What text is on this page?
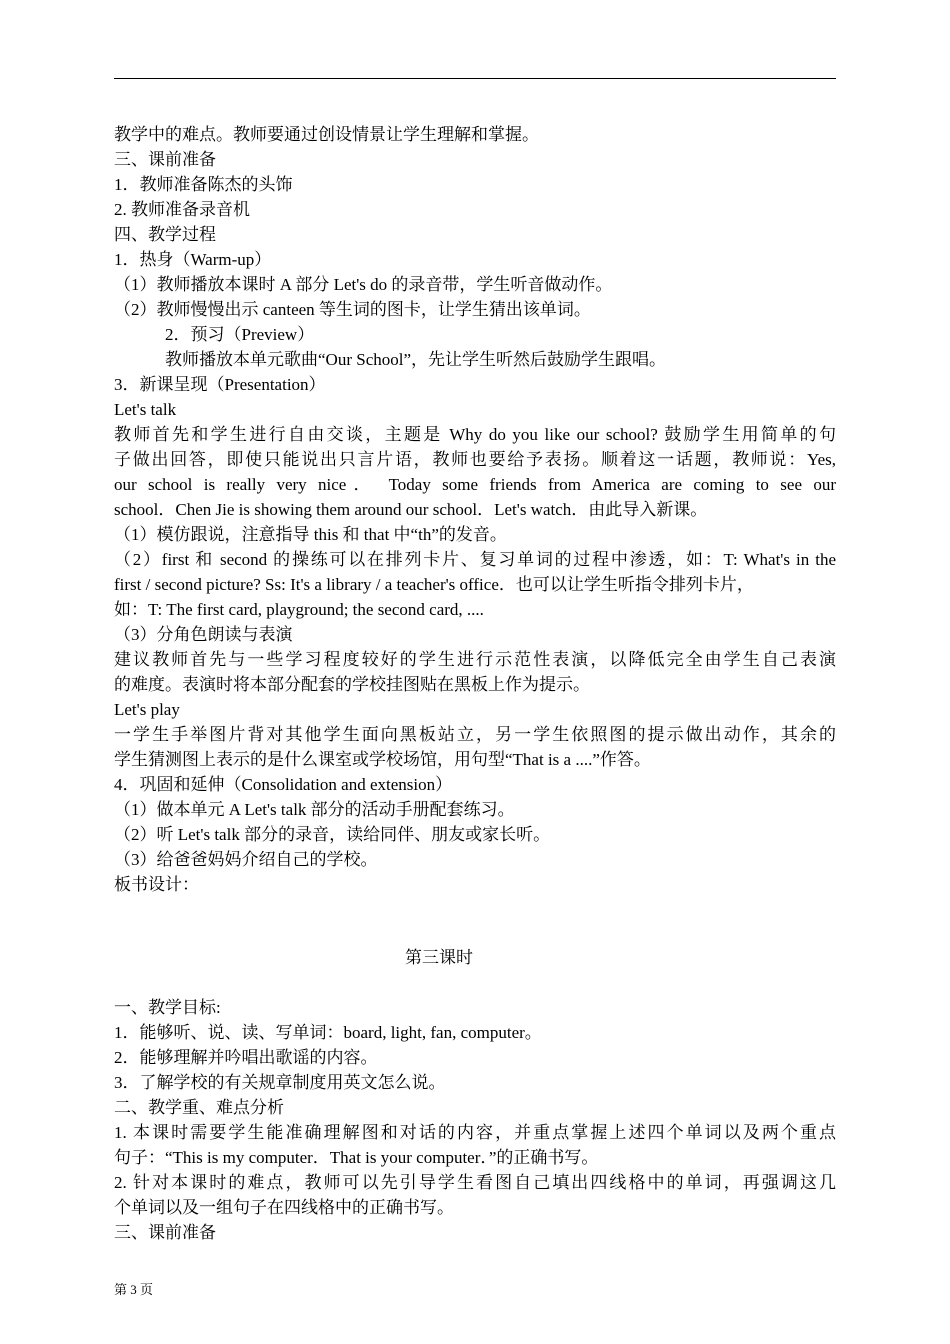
教学中的难点。教师要通过创设情景让学生理解和掌握。
三、课前准备
1．教师准备陈杰的头饰
2. 教师准备录音机
四、教学过程
1．热身（Warm-up）
（1）教师播放本课时 A 部分 Let's do 的录音带，学生听音做动作。
（2）教师慢慢出示 canteen 等生词的图卡，让学生猜出该单词。
2．预习（Preview）
教师播放本单元歌曲“Our School”，先让学生听然后鼓励学生跟唱。
3．新课呈现（Presentation）
Let's talk
教师首先和学生进行自由交谈，主题是 Why do you like our school? 鼓励学生用简单的句
子做出回答，即使只能说出只言片语，教师也要给予表扬。顺着这一话题，教师说：Yes,
our school is really very nice． Today some friends from America are coming to see our
school．Chen Jie is showing them around our school．Let's watch．由此导入新课。
（1）模仿跟说，注意指导 this 和 that 中“th”的发音。
（2）first 和 second 的操练可以在排列卡片、复习单词的过程中渗透，如：T: What's in the
first / second picture? Ss: It's a library / a teacher's office．也可以让学生听指令排列卡片，
如：T: The first card, playground; the second card, ....
（3）分角色朗读与表演
建议教师首先与一些学习程度较好的学生进行示范性表演，以降低完全由学生自己表演
的难度。表演时将本部分配套的学校挂图贴在黑板上作为提示。
Let's play
一学生手举图片背对其他学生面向黑板站立，另一学生依照图的提示做出动作，其余的
学生猜测图上表示的是什么课室或学校场馆，用句型“That is a ....”作答。
4．巩固和延伸（Consolidation and extension）
（1）做本单元 A Let's talk 部分的活动手册配套练习。
（2）听 Let's talk 部分的录音，读给同伴、朋友或家长听。
（3）给爸爸妈妈介绍自己的学校。
板书设计：
第三课时
一、教学目标:
1．能够听、说、读、写单词：board, light, fan, computer。
2．能够理解并吟唱出歌谣的内容。
3．了解学校的有关规章制度用英文怎么说。
二、教学重、难点分析
1. 本课时需要学生能准确理解图和对话的内容，并重点掌握上述四个单词以及两个重点
句子：“This is my computer．That is your computer．”的正确书写。
2. 针对本课时的难点，教师可以先引导学生看图自己填出四线格中的单词，再强调这几
个单词以及一组句子在四线格中的正确书写。
三、课前准备
第 3 页
